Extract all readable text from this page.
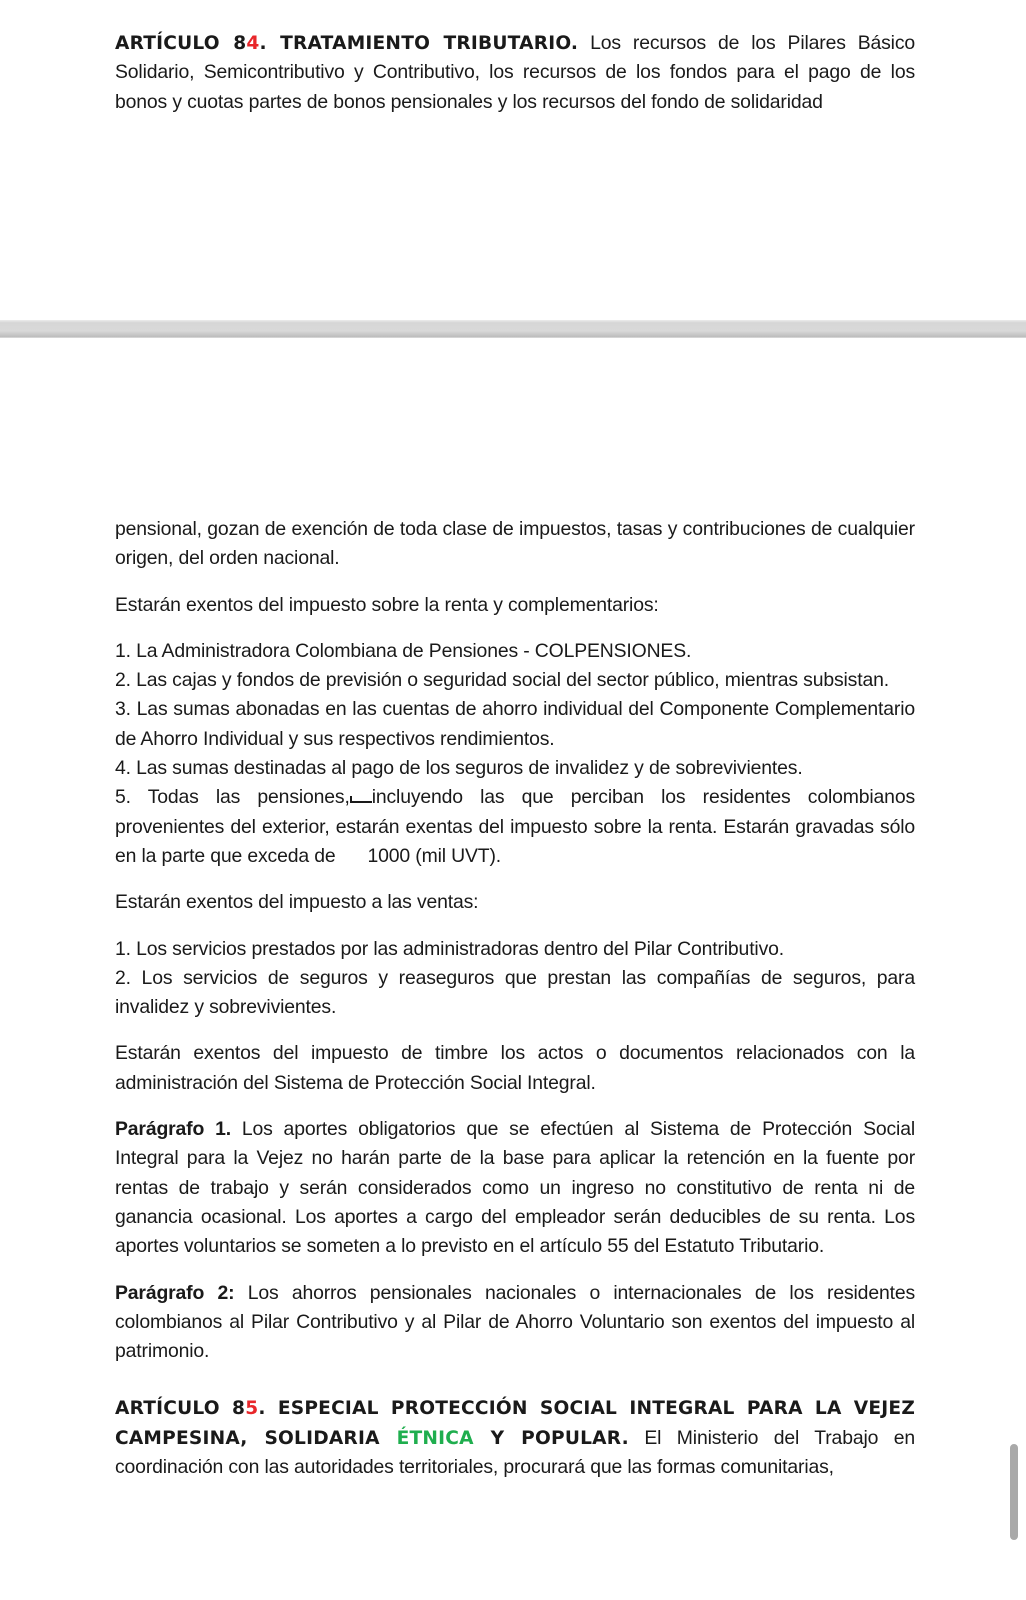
ARTÍCULO 84. TRATAMIENTO TRIBUTARIO. Los recursos de los Pilares Básico Solidario, Semicontributivo y Contributivo, los recursos de los fondos para el pago de los bonos y cuotas partes de bonos pensionales y los recursos del fondo de solidaridad

pensional, gozan de exención de toda clase de impuestos, tasas y contribuciones de cualquier origen, del orden nacional.

Estarán exentos del impuesto sobre la renta y complementarios:

1. La Administradora Colombiana de Pensiones - COLPENSIONES.

2. Las cajas y fondos de previsión o seguridad social del sector público, mientras subsistan.

3. Las sumas abonadas en las cuentas de ahorro individual del Componente Complementario de Ahorro Individual y sus respectivos rendimientos.

4. Las sumas destinadas al pago de los seguros de invalidez y de sobrevivientes.

5. Todas las pensiones, incluyendo las que perciban los residentes colombianos provenientes del exterior, estarán exentas del impuesto sobre la renta. Estarán gravadas sólo en la parte que exceda de 1000 (mil UVT).

Estarán exentos del impuesto a las ventas:

1. Los servicios prestados por las administradoras dentro del Pilar Contributivo.

2. Los servicios de seguros y reaseguros que prestan las compañías de seguros, para invalidez y sobrevivientes.

Estarán exentos del impuesto de timbre los actos o documentos relacionados con la administración del Sistema de Protección Social Integral.

Parágrafo 1. Los aportes obligatorios que se efectúen al Sistema de Protección Social Integral para la Vejez no harán parte de la base para aplicar la retención en la fuente por rentas de trabajo y serán considerados como un ingreso no constitutivo de renta ni de ganancia ocasional. Los aportes a cargo del empleador serán deducibles de su renta. Los aportes voluntarios se someten a lo previsto en el artículo 55 del Estatuto Tributario.

Parágrafo 2: Los ahorros pensionales nacionales o internacionales de los residentes colombianos al Pilar Contributivo y al Pilar de Ahorro Voluntario son exentos del impuesto al patrimonio.

ARTÍCULO 85. ESPECIAL PROTECCIÓN SOCIAL INTEGRAL PARA LA VEJEZ CAMPESINA, SOLIDARIA ÉTNICA Y POPULAR. El Ministerio del Trabajo en coordinación con las autoridades territoriales, procurará que las formas comunitarias,
